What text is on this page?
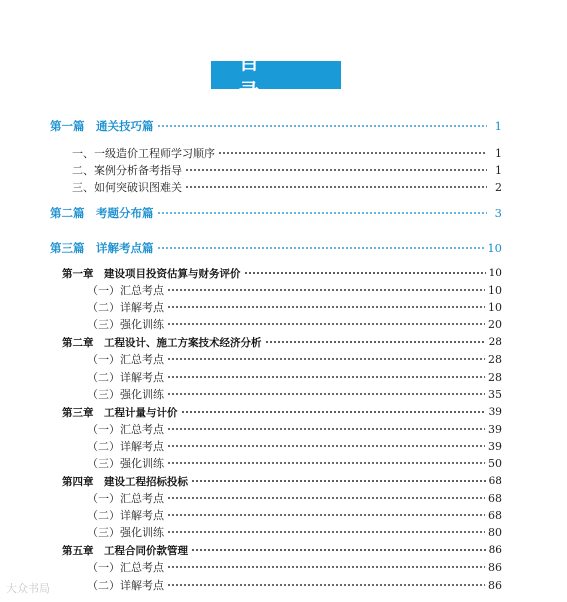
目　录
第一篇　通关技巧篇	1
一、一级造价工程师学习顺序	1
二、案例分析备考指导	1
三、如何突破识图难关	2
第二篇　考题分布篇	3
第三篇　详解考点篇	10
第一章　建设项目投资估算与财务评价	10
（一）汇总考点	10
（二）详解考点	10
（三）强化训练	20
第二章　工程设计、施工方案技术经济分析	28
（一）汇总考点	28
（二）详解考点	28
（三）强化训练	35
第三章　工程计量与计价	39
（一）汇总考点	39
（二）详解考点	39
（三）强化训练	50
第四章　建设工程招标投标	68
（一）汇总考点	68
（二）详解考点	68
（三）强化训练	80
第五章　工程合同价款管理	86
（一）汇总考点	86
（二）详解考点	86
大众书局
